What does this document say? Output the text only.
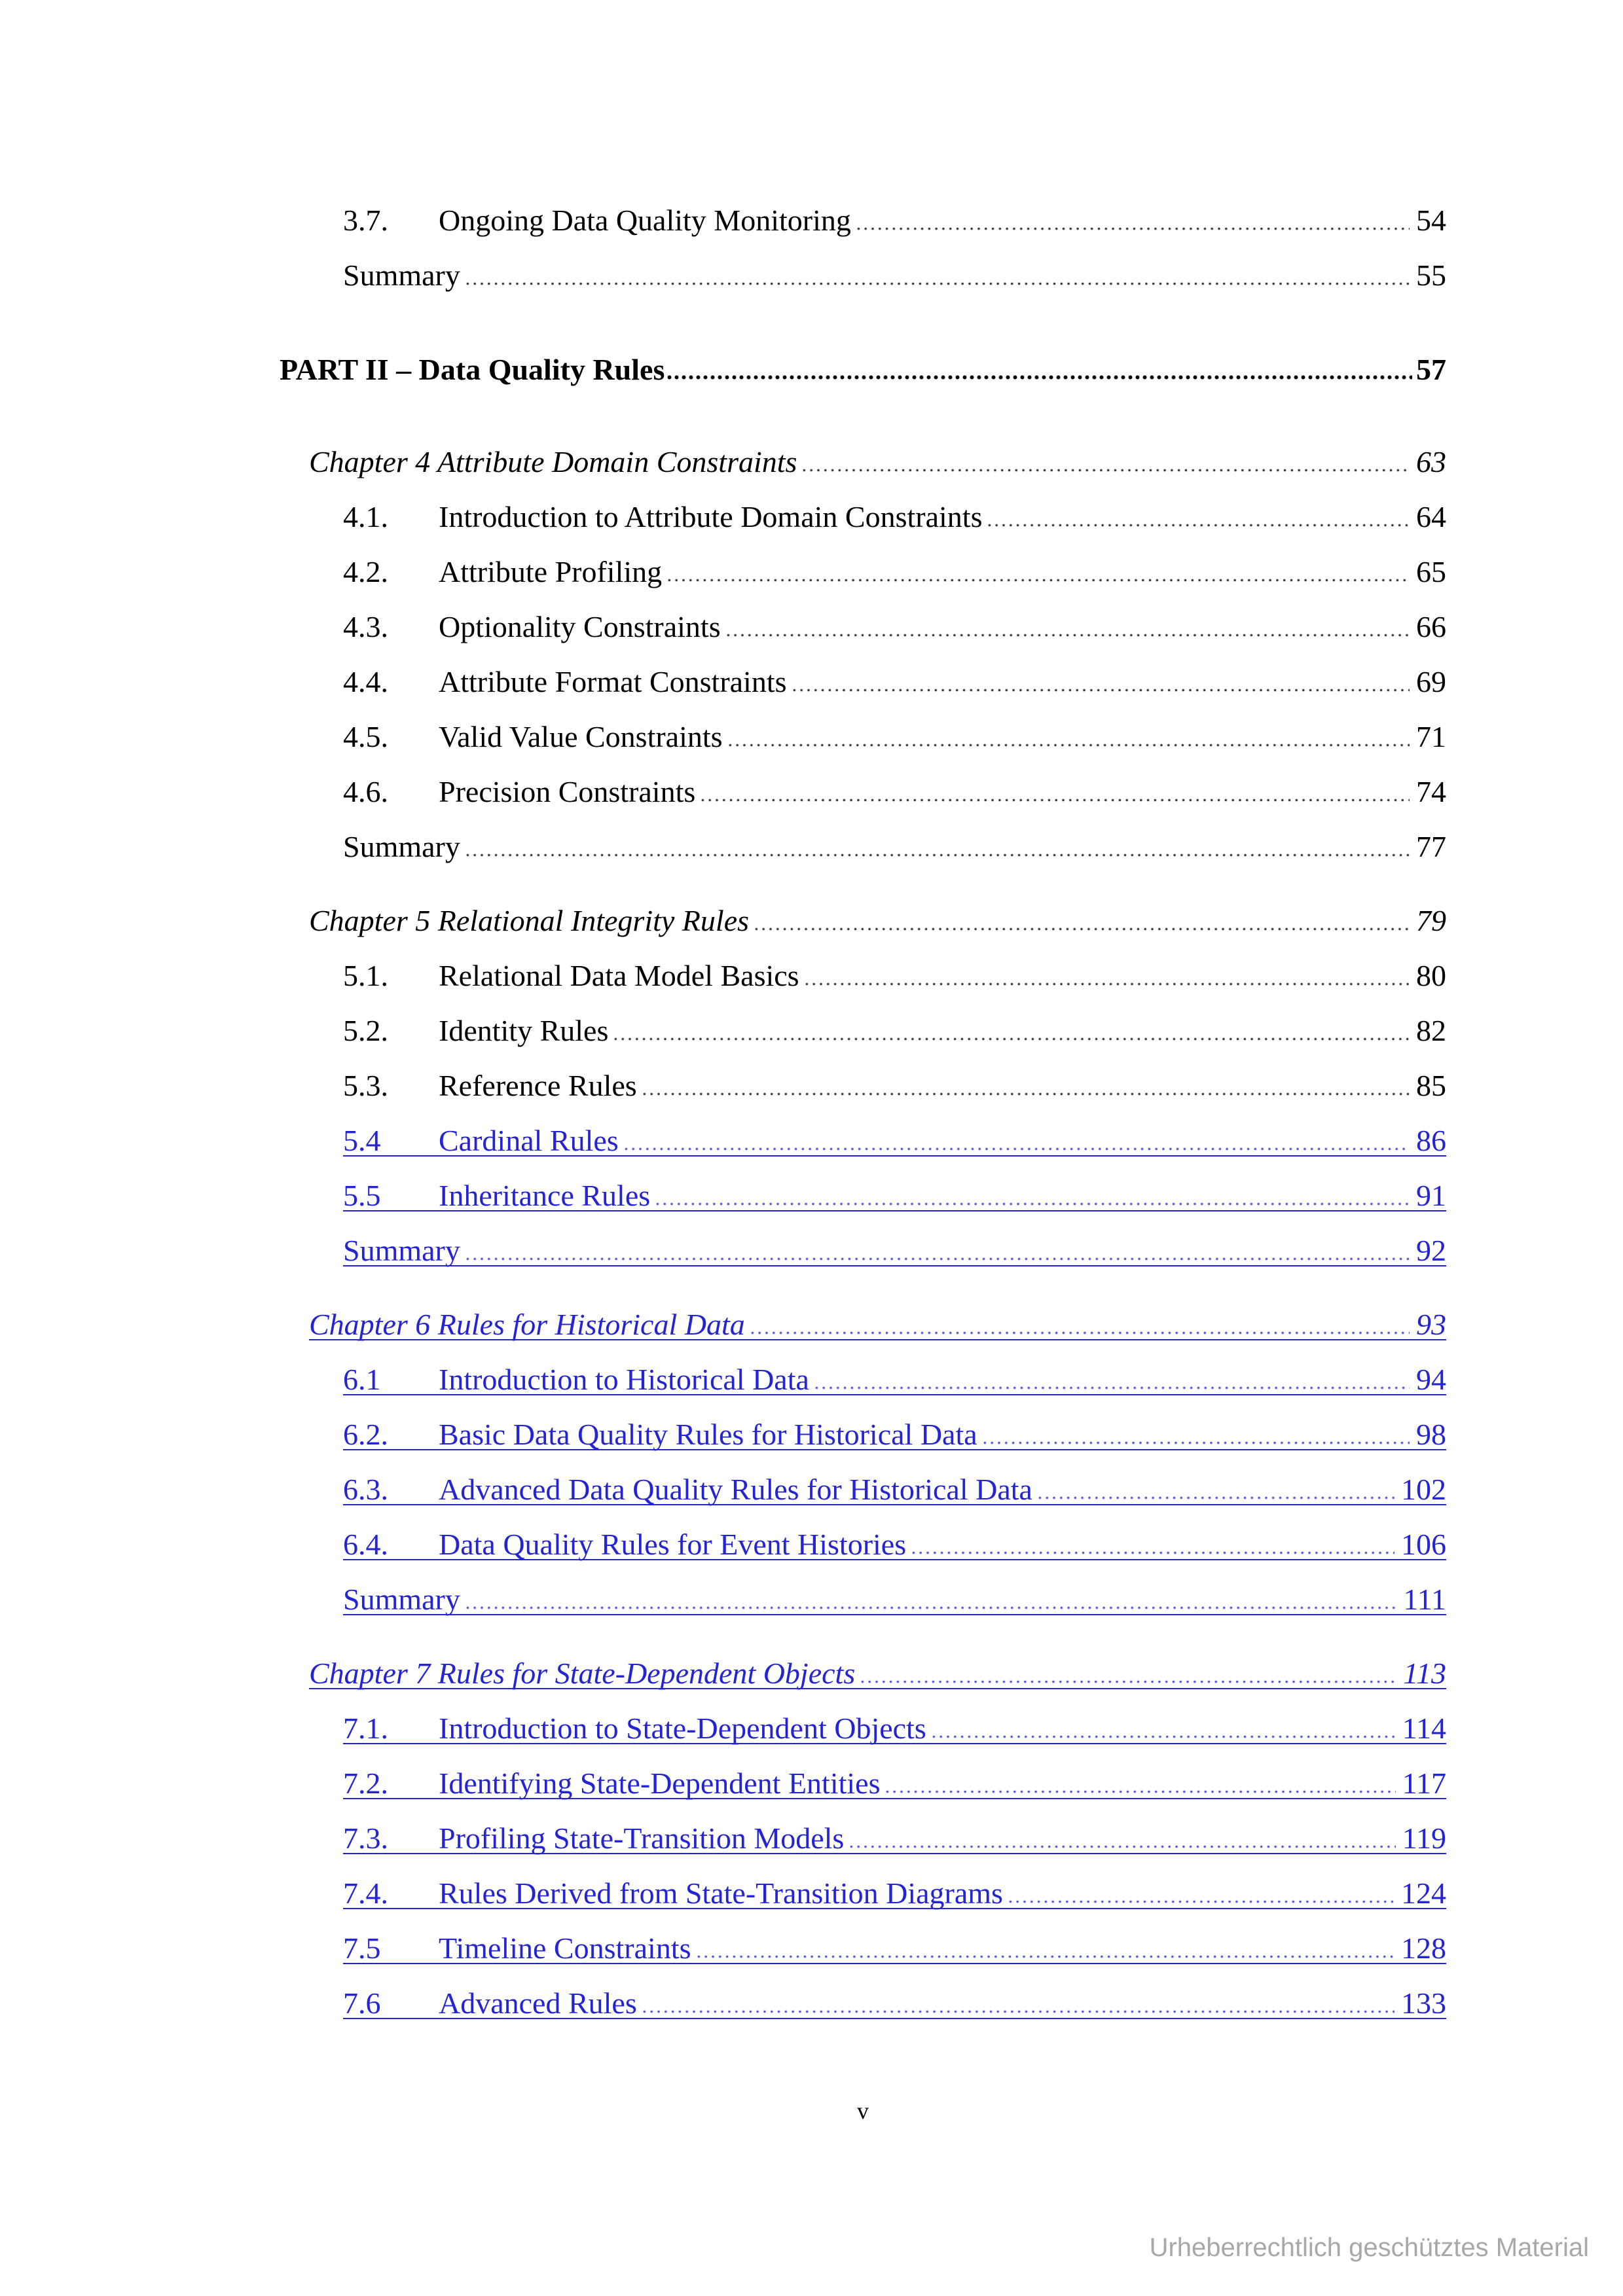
3.7.	Ongoing Data Quality Monitoring	54
Summary	55
PART II – Data Quality Rules	57
Chapter 4 Attribute Domain Constraints	63
4.1.	Introduction to Attribute Domain Constraints	64
4.2.	Attribute Profiling	65
4.3.	Optionality Constraints	66
4.4.	Attribute Format Constraints	69
4.5.	Valid Value Constraints	71
4.6.	Precision Constraints	74
Summary	77
Chapter 5 Relational Integrity Rules	79
5.1.	Relational Data Model Basics	80
5.2.	Identity Rules	82
5.3.	Reference Rules	85
5.4	Cardinal Rules	86
5.5	Inheritance Rules	91
Summary	92
Chapter 6 Rules for Historical Data	93
6.1	Introduction to Historical Data	94
6.2.	Basic Data Quality Rules for Historical Data	98
6.3.	Advanced Data Quality Rules for Historical Data	102
6.4.	Data Quality Rules for Event Histories	106
Summary	111
Chapter 7 Rules for State-Dependent Objects	113
7.1.	Introduction to State-Dependent Objects	114
7.2.	Identifying State-Dependent Entities	117
7.3.	Profiling State-Transition Models	119
7.4.	Rules Derived from State-Transition Diagrams	124
7.5	Timeline Constraints	128
7.6	Advanced Rules	133
v
Urheberrechtlich geschütztes Material
